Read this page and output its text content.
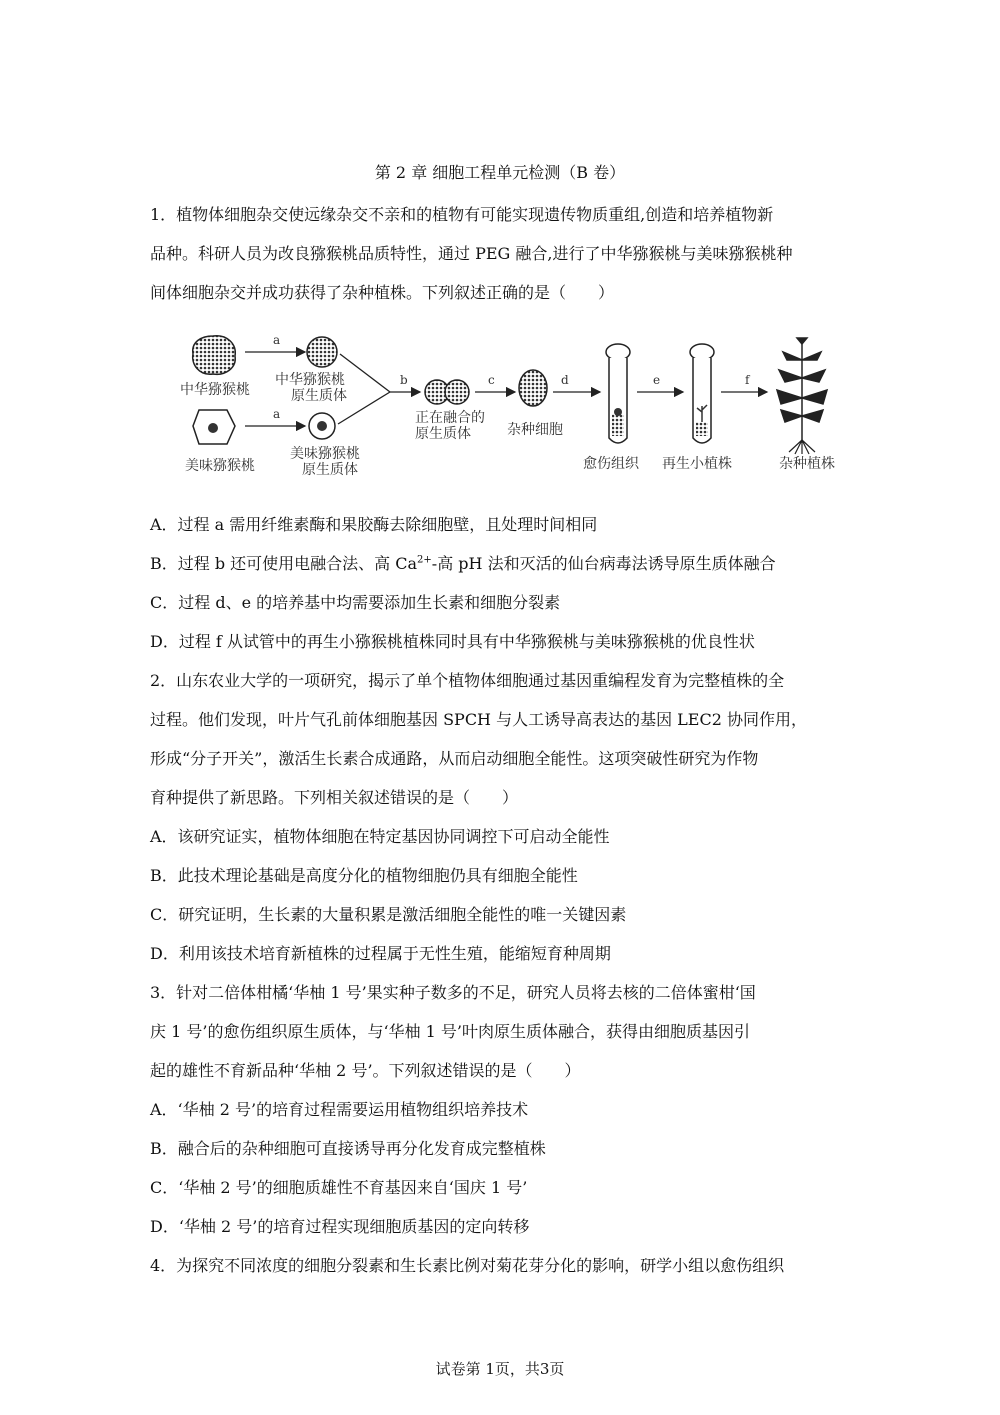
第 2 章 细胞工程单元检测（B 卷）
1．植物体细胞杂交使远缘杂交不亲和的植物有可能实现遗传物质重组,创造和培养植物新
品种。科研人员为改良猕猴桃品质特性，通过 PEG 融合,进行了中华猕猴桃与美味猕猴桃种
间体细胞杂交并成功获得了杂种植株。下列叙述正确的是（　　）
中华猕猴桃
a
中华猕猴桃
原生质体
美味猕猴桃
a
美味猕猴桃
原生质体
b
正在融合的
原生质体
c
杂种细胞
d
愈伤组织
e
再生小植株
f
杂种植株
A．过程 a 需用纤维素酶和果胶酶去除细胞壁，且处理时间相同
B．过程 b 还可使用电融合法、高 $Ca^{2+}-$高 pH 法和灭活的仙台病毒法诱导原生质体融合
C．过程 d、e 的培养基中均需要添加生长素和细胞分裂素
D．过程 f 从试管中的再生小猕猴桃植株同时具有中华猕猴桃与美味猕猴桃的优良性状
2．山东农业大学的一项研究，揭示了单个植物体细胞通过基因重编程发育为完整植株的全
过程。他们发现，叶片气孔前体细胞基因 SPCH 与人工诱导高表达的基因 LEC2 协同作用，
形成“分子开关”，激活生长素合成通路，从而启动细胞全能性。这项突破性研究为作物
育种提供了新思路。下列相关叙述错误的是（　　）
A．该研究证实，植物体细胞在特定基因协同调控下可启动全能性
B．此技术理论基础是高度分化的植物细胞仍具有细胞全能性
C．研究证明，生长素的大量积累是激活细胞全能性的唯一关键因素
D．利用该技术培育新植株的过程属于无性生殖，能缩短育种周期
3．针对二倍体柑橘‘华柚 1 号’果实种子数多的不足，研究人员将去核的二倍体蜜柑‘国
庆 1 号’的愈伤组织原生质体，与‘华柚 1 号’叶肉原生质体融合，获得由细胞质基因引
起的雄性不育新品种‘华柚 2 号’。下列叙述错误的是（　　）
A．‘华柚 2 号’的培育过程需要运用植物组织培养技术
B．融合后的杂种细胞可直接诱导再分化发育成完整植株
C．‘华柚 2 号’的细胞质雄性不育基因来自‘国庆 1 号’
D．‘华柚 2 号’的培育过程实现细胞质基因的定向转移
4．为探究不同浓度的细胞分裂素和生长素比例对菊花芽分化的影响，研学小组以愈伤组织
试卷第 1页，共3页
